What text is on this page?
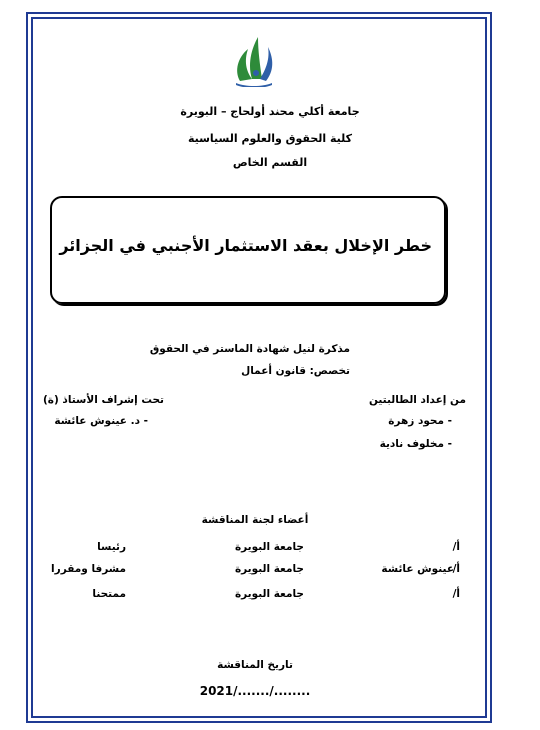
جامعة أكلي محند أولحاج – البويرة
كلية الحقوق والعلوم السياسية
القسم الخاص
خطر الإخلال بعقد الاستثمار الأجنبي في الجزائر
مذكرة لنيل شهادة الماستر في الحقوق
تخصص: قانون أعمال
من إعداد الطالبتين
- محود زهرة
- مخلوف نادية
تحت إشراف الأستاذ (ة)
- د. عينوش عائشة
أعضاء لجنة المناقشة
أ/
جامعة البويرة
رئيسا
أ/
عينوش عائشة
جامعة البويرة
مشرفا ومقررا
أ/
جامعة البويرة
ممتحنا
تاريخ المناقشة
2021/......./........
